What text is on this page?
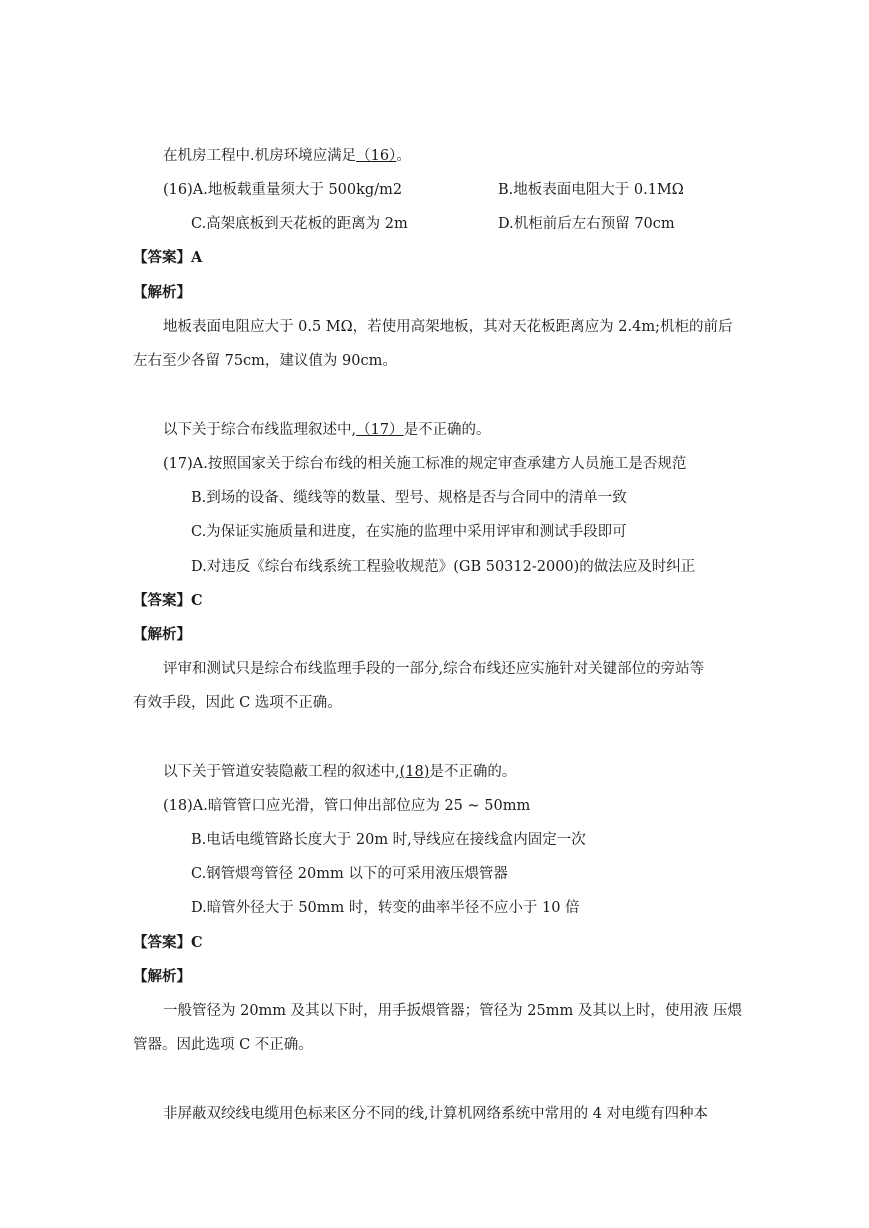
在机房工程中.机房环境应满足（16）。
(16)A.地板载重量须大于 500kg/m2	B.地板表面电阻大于 0.1MΩ
C.高架底板到天花板的距离为 2m	D.机柜前后左右预留 70cm
【答案】A
【解析】
地板表面电阻应大于 0.5 MΩ，若使用高架地板，其对天花板距离应为 2.4m;机柜的前后
左右至少各留 75cm，建议值为 90cm。
以下关于综合布线监理叙述中,（17）是不正确的。
(17)A.按照国家关于综台布线的相关施工标准的规定审查承建方人员施工是否规范
B.到场的设备、缆线等的数量、型号、规格是否与合同中的清单一致
C.为保证实施质量和进度，在实施的监理中采用评审和测试手段即可
D.对违反《综台布线系统工程验收规范》(GB 50312-2000)的做法应及时纠正
【答案】C
【解析】
评审和测试只是综合布线监理手段的一部分,综合布线还应实施针对关键部位的旁站等
有效手段，因此 C 选项不正确。
以下关于管道安装隐蔽工程的叙述中,(18)是不正确的。
(18)A.暗管管口应光滑，管口伸出部位应为 25 ~ 50mm
B.电话电缆管路长度大于 20m 时,导线应在接线盒内固定一次
C.钢管煨弯管径 20mm 以下的可采用液压煨管器
D.暗管外径大于 50mm 时，转变的曲率半径不应小于 10 倍
【答案】C
【解析】
一般管径为 20mm 及其以下时，用手扳煨管器；管径为 25mm 及其以上时，使用液 压煨
管器。因此选项 C 不正确。
非屏蔽双绞线电缆用色标来区分不同的线,计算机网络系统中常用的 4 对电缆有四种本
